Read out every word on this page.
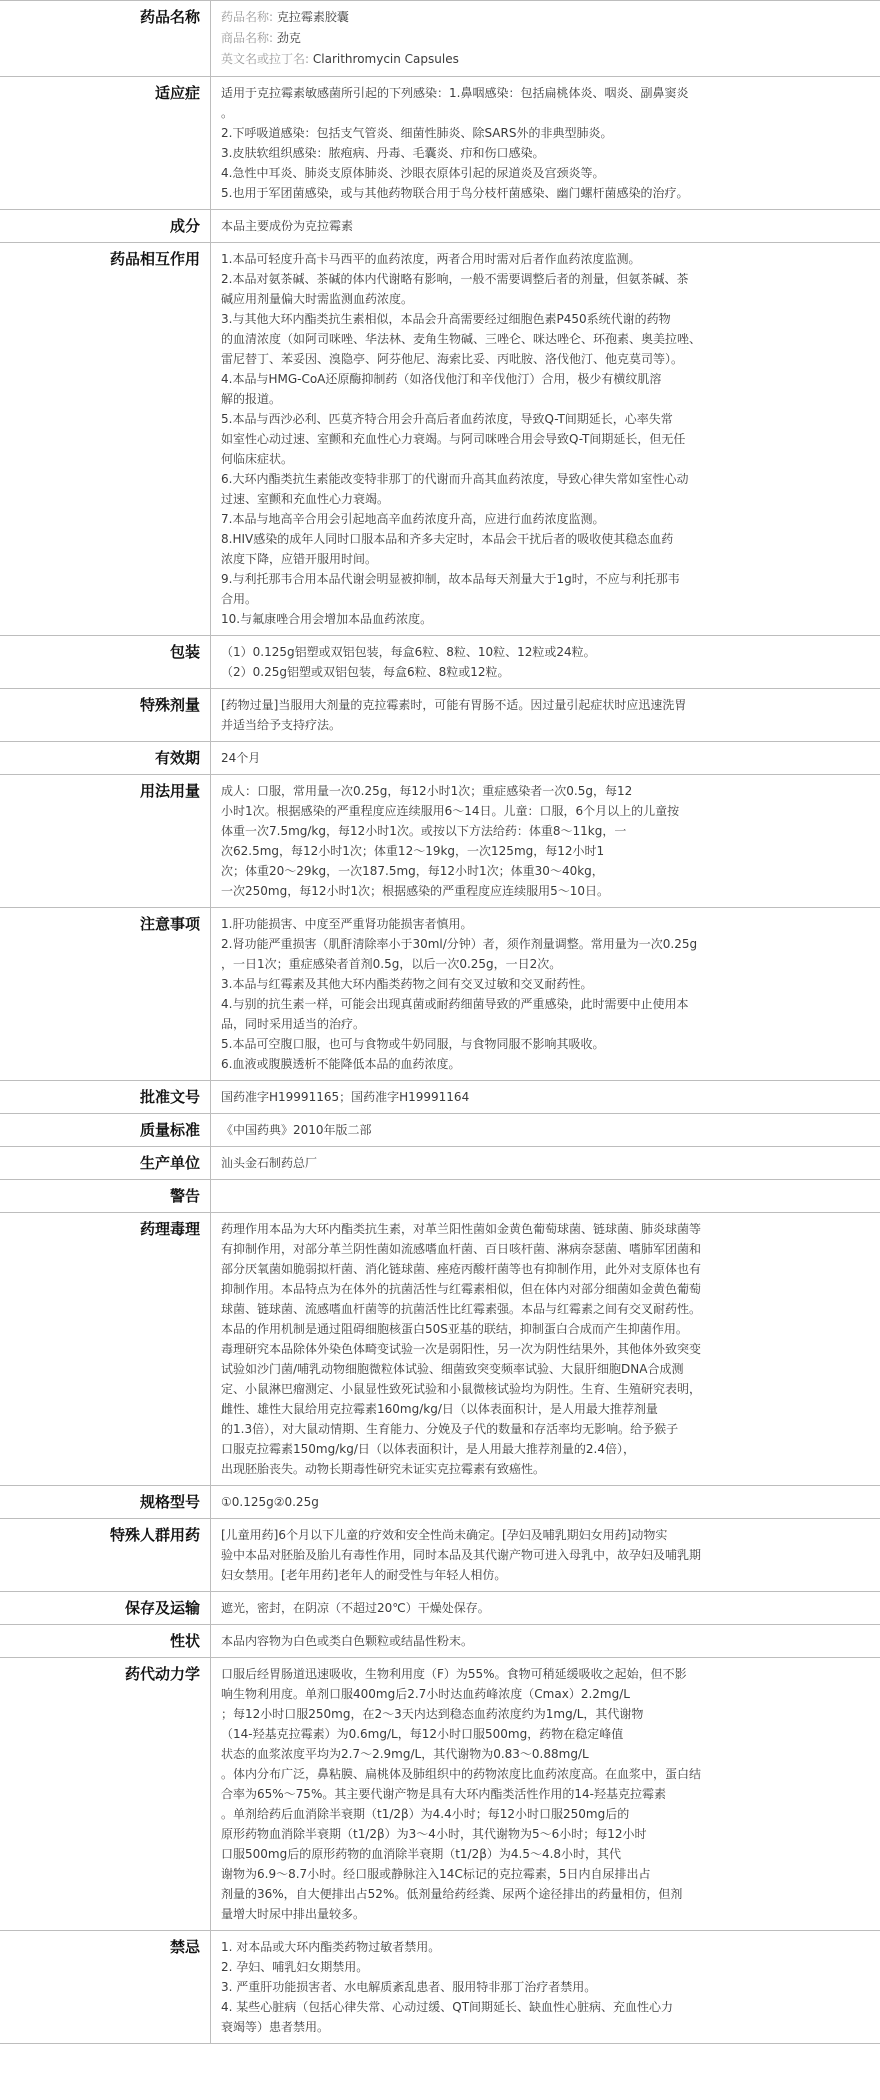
药品名称	药品名称: 克拉霉素胶囊

商品名称: 劲克

英文名或拉丁名: Clarithromycin Capsules

适应症	适用于克拉霉素敏感菌所引起的下列感染：1.鼻咽感染：包括扁桃体炎、咽炎、副鼻窦炎

。

2.下呼吸道感染：包括支气管炎、细菌性肺炎、除SARS外的非典型肺炎。

3.皮肤软组织感染：脓疱病、丹毒、毛囊炎、疖和伤口感染。

4.急性中耳炎、肺炎支原体肺炎、沙眼衣原体引起的尿道炎及宫颈炎等。

5.也用于军团菌感染，或与其他药物联合用于鸟分枝杆菌感染、幽门螺杆菌感染的治疗。

成分	本品主要成份为克拉霉素

药品相互作用	1.本品可轻度升高卡马西平的血药浓度，两者合用时需对后者作血药浓度监测。

2.本品对氨茶碱、茶碱的体内代谢略有影响，一般不需要调整后者的剂量，但氨茶碱、茶

碱应用剂量偏大时需监测血药浓度。

3.与其他大环内酯类抗生素相似，本品会升高需要经过细胞色素P450系统代谢的药物

的血清浓度（如阿司咪唑、华法林、麦角生物碱、三唑仑、咪达唑仑、环孢素、奥美拉唑、

雷尼替丁、苯妥因、溴隐亭、阿芬他尼、海索比妥、丙吡胺、洛伐他汀、他克莫司等）。

4.本品与HMG-CoA还原酶抑制药（如洛伐他汀和辛伐他汀）合用，极少有横纹肌溶

解的报道。

5.本品与西沙必利、匹莫齐特合用会升高后者血药浓度，导致Q-T间期延长，心率失常

如室性心动过速、室颤和充血性心力衰竭。与阿司咪唑合用会导致Q-T间期延长，但无任

何临床症状。

6.大环内酯类抗生素能改变特非那丁的代谢而升高其血药浓度，导致心律失常如室性心动

过速、室颤和充血性心力衰竭。

7.本品与地高辛合用会引起地高辛血药浓度升高，应进行血药浓度监测。

8.HIV感染的成年人同时口服本品和齐多夫定时，本品会干扰后者的吸收使其稳态血药

浓度下降，应错开服用时间。

9.与利托那韦合用本品代谢会明显被抑制，故本品每天剂量大于1g时，不应与利托那韦

合用。

10.与氟康唑合用会增加本品血药浓度。

包装	（1）0.125g铝塑或双铝包装，每盒6粒、8粒、10粒、12粒或24粒。

（2）0.25g铝塑或双铝包装，每盒6粒、8粒或12粒。

特殊剂量	[药物过量]当服用大剂量的克拉霉素时，可能有胃肠不适。因过量引起症状时应迅速洗胃

并适当给予支持疗法。

有效期	24个月

用法用量	成人：口服，常用量一次0.25g，每12小时1次；重症感染者一次0.5g，每12

小时1次。根据感染的严重程度应连续服用6～14日。儿童：口服，6个月以上的儿童按

体重一次7.5mg/kg，每12小时1次。或按以下方法给药：体重8～11kg，一

次62.5mg，每12小时1次；体重12～19kg，一次125mg，每12小时1

次；体重20～29kg，一次187.5mg，每12小时1次；体重30～40kg，

一次250mg，每12小时1次；根据感染的严重程度应连续服用5～10日。

注意事项	1.肝功能损害、中度至严重肾功能损害者慎用。

2.肾功能严重损害（肌酐清除率小于30ml/分钟）者，须作剂量调整。常用量为一次0.25g

，一日1次；重症感染者首剂0.5g，以后一次0.25g，一日2次。

3.本品与红霉素及其他大环内酯类药物之间有交叉过敏和交叉耐药性。

4.与别的抗生素一样，可能会出现真菌或耐药细菌导致的严重感染，此时需要中止使用本

品，同时采用适当的治疗。

5.本品可空腹口服，也可与食物或牛奶同服，与食物同服不影响其吸收。

6.血液或腹膜透析不能降低本品的血药浓度。

批准文号	国药准字H19991165；国药准字H19991164

质量标准	《中国药典》2010年版二部

生产单位	汕头金石制药总厂

警告

药理毒理	药理作用本品为大环内酯类抗生素，对革兰阳性菌如金黄色葡萄球菌、链球菌、肺炎球菌等

有抑制作用，对部分革兰阴性菌如流感嗜血杆菌、百日咳杆菌、淋病奈瑟菌、嗜肺军团菌和

部分厌氧菌如脆弱拟杆菌、消化链球菌、痤疮丙酸杆菌等也有抑制作用，此外对支原体也有

抑制作用。本品特点为在体外的抗菌活性与红霉素相似，但在体内对部分细菌如金黄色葡萄

球菌、链球菌、流感嗜血杆菌等的抗菌活性比红霉素强。本品与红霉素之间有交叉耐药性。

本品的作用机制是通过阻碍细胞核蛋白50S亚基的联结，抑制蛋白合成而产生抑菌作用。

毒理研究本品除体外染色体畸变试验一次是弱阳性，另一次为阴性结果外，其他体外致突变

试验如沙门菌/哺乳动物细胞微粒体试验、细菌致突变频率试验、大鼠肝细胞DNA合成测

定、小鼠淋巴瘤测定、小鼠显性致死试验和小鼠微核试验均为阴性。生育、生殖研究表明，

雌性、雄性大鼠给用克拉霉素160mg/kg/日（以体表面积计，是人用最大推荐剂量

的1.3倍），对大鼠动情期、生育能力、分娩及子代的数量和存活率均无影响。给予猴子

口服克拉霉素150mg/kg/日（以体表面积计，是人用最大推荐剂量的2.4倍），

出现胚胎丧失。动物长期毒性研究未证实克拉霉素有致癌性。

规格型号	①0.125g②0.25g

特殊人群用药	[儿童用药]6个月以下儿童的疗效和安全性尚未确定。[孕妇及哺乳期妇女用药]动物实

验中本品对胚胎及胎儿有毒性作用，同时本品及其代谢产物可进入母乳中，故孕妇及哺乳期

妇女禁用。[老年用药]老年人的耐受性与年轻人相仿。

保存及运输	遮光，密封，在阴凉（不超过20℃）干燥处保存。

性状	本品内容物为白色或类白色颗粒或结晶性粉末。

药代动力学	口服后经胃肠道迅速吸收，生物利用度（F）为55%。食物可稍延缓吸收之起始，但不影

响生物利用度。单剂口服400mg后2.7小时达血药峰浓度（Cmax）2.2mg/L

；每12小时口服250mg，在2～3天内达到稳态血药浓度约为1mg/L，其代谢物

（14-羟基克拉霉素）为0.6mg/L，每12小时口服500mg，药物在稳定峰值

状态的血浆浓度平均为2.7～2.9mg/L，其代谢物为0.83～0.88mg/L

。体内分布广泛，鼻粘膜、扁桃体及肺组织中的药物浓度比血药浓度高。在血浆中，蛋白结

合率为65%～75%。其主要代谢产物是具有大环内酯类活性作用的14-羟基克拉霉素

。单剂给药后血消除半衰期（t1/2β）为4.4小时；每12小时口服250mg后的

原形药物血消除半衰期（t1/2β）为3～4小时，其代谢物为5～6小时；每12小时

口服500mg后的原形药物的血消除半衰期（t1/2β）为4.5～4.8小时，其代

谢物为6.9～8.7小时。经口服或静脉注入14C标记的克拉霉素，5日内自尿排出占

剂量的36%，自大便排出占52%。低剂量给药经粪、尿两个途径排出的药量相仿，但剂

量增大时尿中排出量较多。

禁忌	1. 对本品或大环内酯类药物过敏者禁用。

2. 孕妇、哺乳妇女期禁用。

3. 严重肝功能损害者、水电解质紊乱患者、服用特非那丁治疗者禁用。

4. 某些心脏病（包括心律失常、心动过缓、QT间期延长、缺血性心脏病、充血性心力

衰竭等）患者禁用。
